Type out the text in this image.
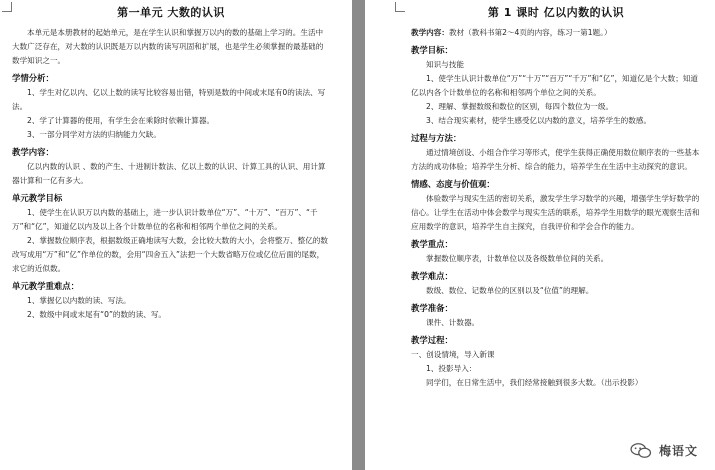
第一单元 大数的认识

本单元是本册教材的起始单元，是在学生认识和掌握万以内的数的基础上学习的。生活中大数广泛存在，对大数的认识既是万以内数的读写巩固和扩展，也是学生必须掌握的最基础的数学知识之一。

学情分析：

1、学生对亿以内、亿以上数的读写比较容易出错，特别是数的中间或末尾有0的读法、写法。

2、学了计算器的使用，有学生会在乘除时依赖计算器。

3、一部分同学对方法的归纳能力欠缺。

教学内容：

亿以内数的认识 、数的产生、十进制计数法、亿以上数的认识、计算工具的认识、用计算器计算和一亿有多大。

单元教学目标

1、使学生在认识万以内数的基础上，进一步认识计数单位“万”、“十万”、“百万”、“千万”和“亿”，知道亿以内及以上各个计数单位的名称和相邻两个单位之间的关系。

2、掌握数位顺序表，根据数级正确地读写大数，会比较大数的大小，会将整万、整亿的数改写成用“万”和“亿”作单位的数，会用“四舍五入”法把一个大数省略万位或亿位后面的尾数，求它的近似数。

单元教学重难点：

1、掌握亿以内数的读、写法。

2、数级中间或末尾有“0”的数的读、写。

第 1 课时 亿以内数的认识

教学内容：教材（教科书第2～4页的内容，练习一第1题。）

教学目标：

知识与技能

1、使学生认识计数单位“万”“十万”“百万”“千万”和“亿”，知道亿是个大数；知道亿以内各个计数单位的名称和相邻两个单位之间的关系。

2、理解、掌握数级和数位的区别，每四个数位为一级。

3、结合现实素材，使学生感受亿以内数的意义，培养学生的数感。

过程与方法：

通过情境创设、小组合作学习等形式，使学生获得正确使用数位顺序表的一些基本方法的成功体验；培养学生分析、综合的能力，培养学生在生活中主动探究的意识。

情感、态度与价值观：

体验数学与现实生活的密切关系，激发学生学习数学的兴趣，增强学生学好数学的信心。让学生在活动中体会数学与现实生活的联系，培养学生用数学的眼光观察生活和应用数学的意识，培养学生自主探究，自我评价和学会合作的能力。

教学重点：

掌握数位顺序表，计数单位以及各级数单位间的关系。

教学难点：

数级、数位、记数单位的区别以及“位值”的理解。

教学准备：

课件、计数器。

教学过程：

一、创设情境，导入新课

1、投影导入：

同学们，在日常生活中，我们经常接触到很多大数。（出示投影）

梅语文
